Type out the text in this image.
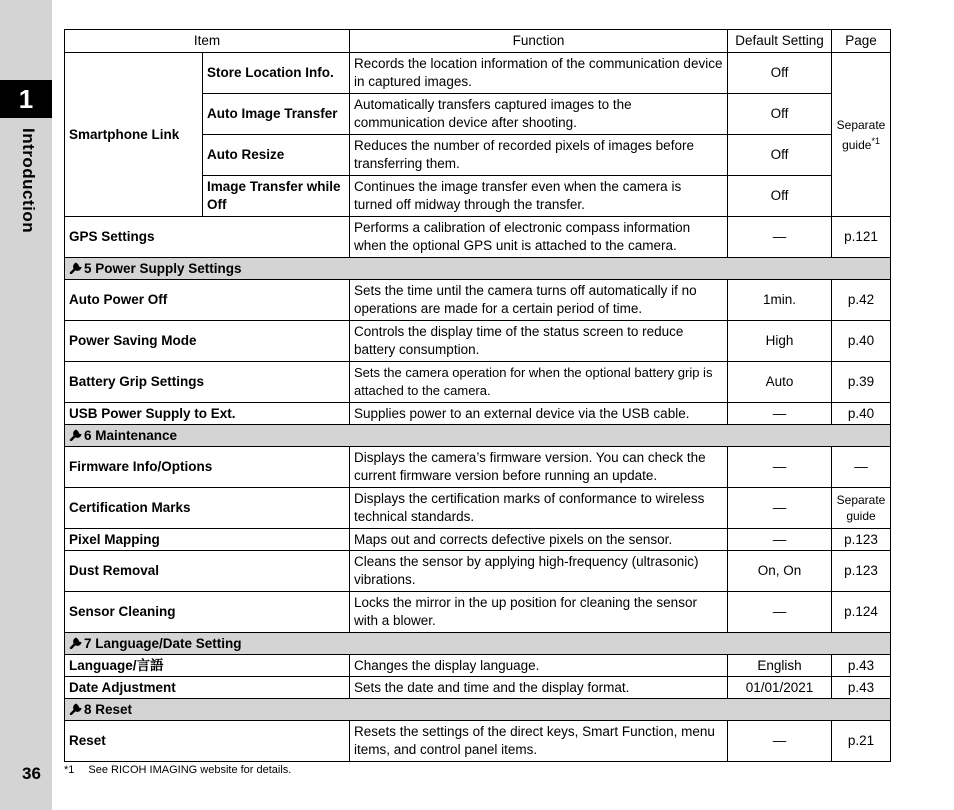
1
Introduction
36
Item		Function	Default Setting	Page
Smartphone Link	Store Location Info.	Records the location information of the communication device in captured images.	Off	Separate
guide$^{*1}$
	Auto Image Transfer	Automatically transfers captured images to the communication device after shooting.	Off	
	Auto Resize	Reduces the number of recorded pixels of images before transferring them.	Off	
	Image Transfer while Off	Continues the image transfer even when the camera is turned off midway through the transfer.	Off	
GPS Settings		Performs a calibration of electronic compass information when the optional GPS unit is attached to the camera.	—	p.121
5 Power Supply Settings				
Auto Power Off		Sets the time until the camera turns off automatically if no operations are made for a certain period of time.	1min.	p.42
Power Saving Mode		Controls the display time of the status screen to reduce battery consumption.	High	p.40
Battery Grip Settings		Sets the camera operation for when the optional battery grip is attached to the camera.	Auto	p.39
USB Power Supply to Ext.		Supplies power to an external device via the USB cable.	—	p.40
6 Maintenance				
Firmware Info/Options		Displays the camera’s firmware version. You can check the current firmware version before running an update.	—	—
Certification Marks		Displays the certification marks of conformance to wireless technical standards.	—	Separate
guide
Pixel Mapping		Maps out and corrects defective pixels on the sensor.	—	p.123
Dust Removal		Cleans the sensor by applying high-frequency (ultrasonic) vibrations.	On, On	p.123
Sensor Cleaning		Locks the mirror in the up position for cleaning the sensor with a blower.	—	p.124
7 Language/Date Setting				
Language/言語		Changes the display language.	English	p.43
Date Adjustment		Sets the date and time and the display format.	01/01/2021	p.43
8 Reset				
Reset		Resets the settings of the direct keys, Smart Function, menu items, and control panel items.	—	p.21
*1 See RICOH IMAGING website for details.
